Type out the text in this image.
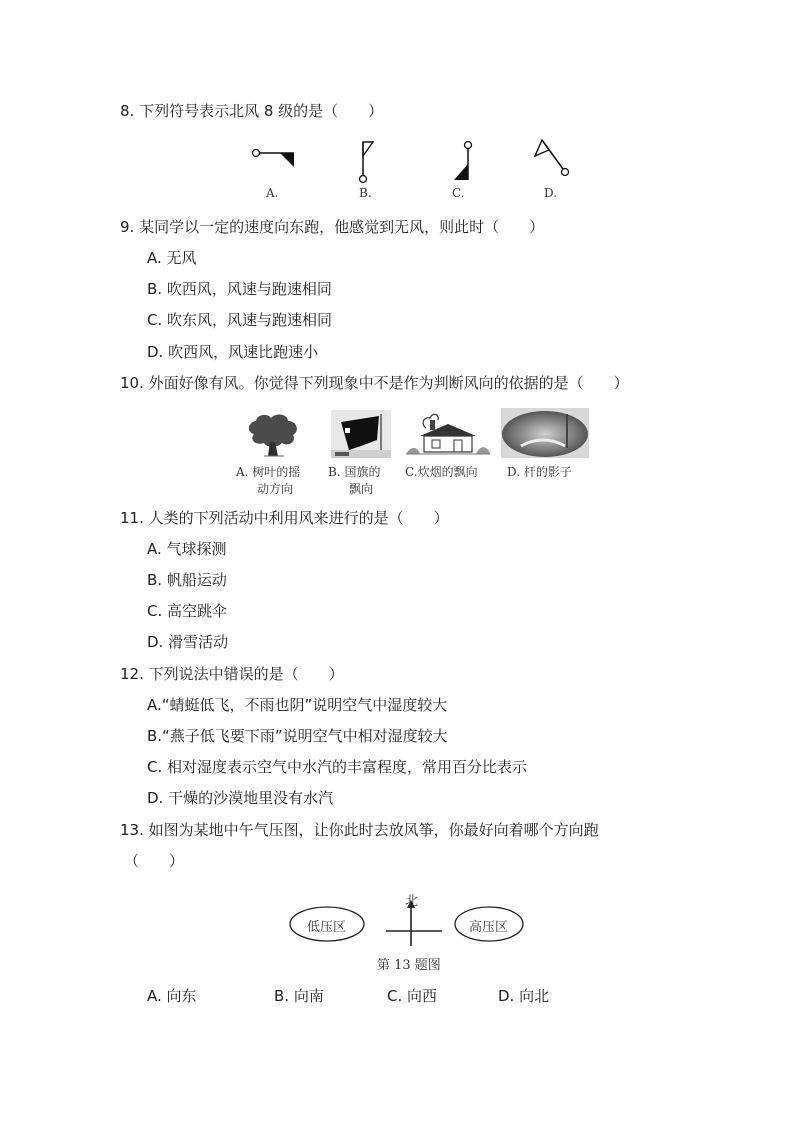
8. 下列符号表示北风 8 级的是（　　）
A.	B.	C.	D.
9. 某同学以一定的速度向东跑，他感觉到无风，则此时（　　）
A. 无风
B. 吹西风，风速与跑速相同
C. 吹东风，风速与跑速相同
D. 吹西风，风速比跑速小
10. 外面好像有风。你觉得下列现象中不是作为判断风向的依据的是（　　）
A. 树叶的摇
动方向
B. 国旗的
飘向
C.炊烟的飘向 D. 杆的影子
11. 人类的下列活动中利用风来进行的是（　　）
A. 气球探测
B. 帆船运动
C. 高空跳伞
D. 滑雪活动
12. 下列说法中错误的是（　　）
A.“蜻蜓低飞，不雨也阴”说明空气中湿度较大
B.“燕子低飞要下雨”说明空气中相对湿度较大
C. 相对湿度表示空气中水汽的丰富程度，常用百分比表示
D. 干燥的沙漠地里没有水汽
13. 如图为某地中午气压图，让你此时去放风筝，你最好向着哪个方向跑
（　　）
北
低压区	高压区
第 13 题图
A. 向东	B. 向南	C. 向西	D. 向北
